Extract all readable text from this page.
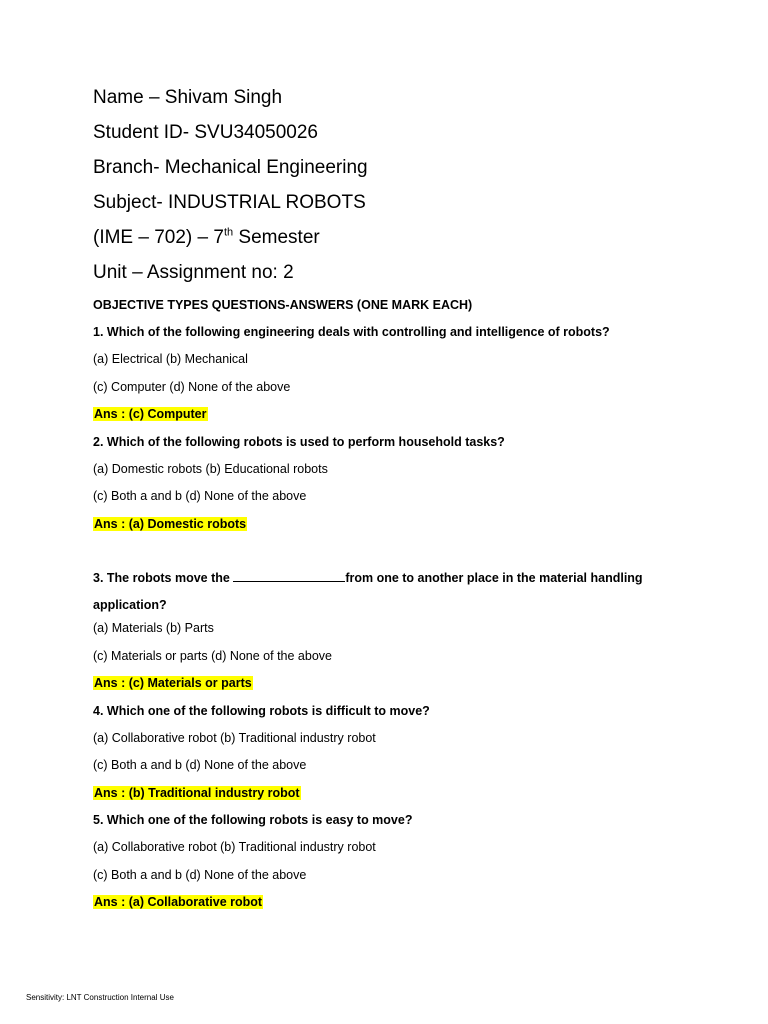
Name – Shivam Singh
Student ID- SVU34050026
Branch- Mechanical Engineering
Subject- INDUSTRIAL ROBOTS
(IME – 702) – 7th Semester
Unit – Assignment no: 2
OBJECTIVE TYPES QUESTIONS-ANSWERS (ONE MARK EACH)
1. Which of the following engineering deals with controlling and intelligence of robots?
(a) Electrical (b) Mechanical
(c) Computer (d) None of the above
Ans : (c) Computer
2. Which of the following robots is used to perform household tasks?
(a) Domestic robots (b) Educational robots
(c) Both a and b (d) None of the above
Ans : (a) Domestic robots
3. The robots move the	from one to another place in the material handling application?
(a) Materials (b) Parts
(c) Materials or parts (d) None of the above
Ans : (c) Materials or parts
4. Which one of the following robots is difficult to move?
(a) Collaborative robot (b) Traditional industry robot
(c) Both a and b (d) None of the above
Ans : (b) Traditional industry robot
5. Which one of the following robots is easy to move?
(a) Collaborative robot (b) Traditional industry robot
(c) Both a and b (d) None of the above
Ans : (a) Collaborative robot
Sensitivity: LNT Construction Internal Use
